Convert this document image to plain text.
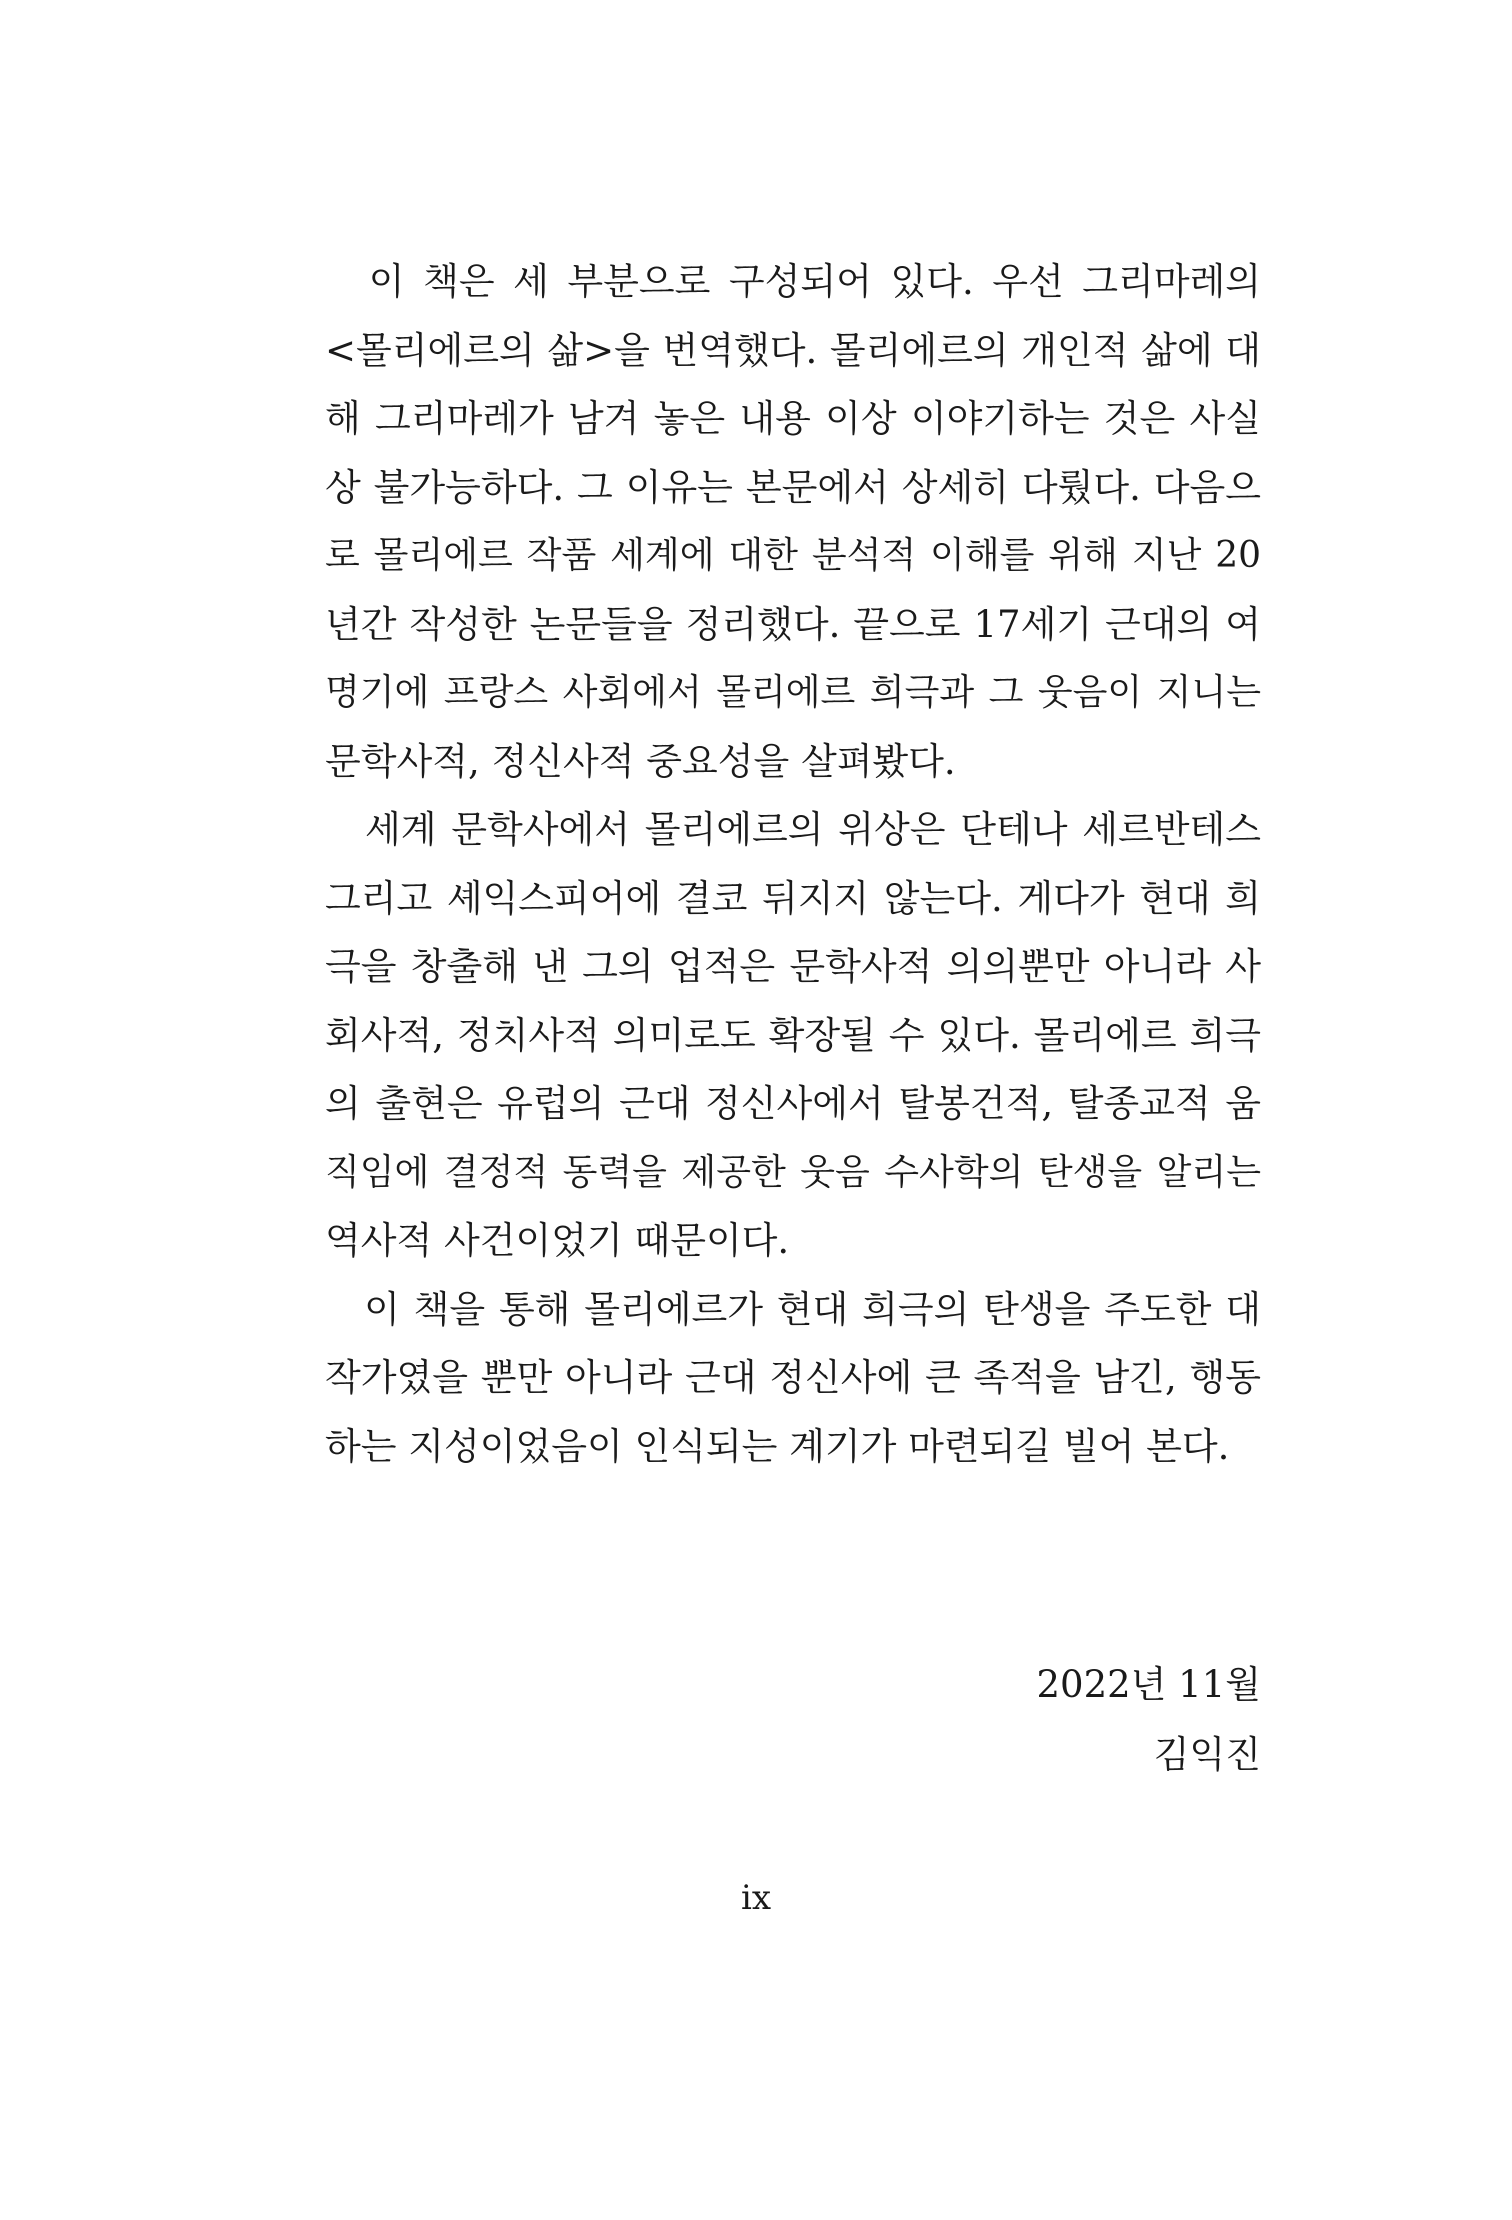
　이 책은 세 부분으로 구성되어 있다. 우선 그리마레의
<몰리에르의 삶>을 번역했다. 몰리에르의 개인적 삶에 대
해 그리마레가 남겨 놓은 내용 이상 이야기하는 것은 사실
상 불가능하다. 그 이유는 본문에서 상세히 다뤘다. 다음으
로 몰리에르 작품 세계에 대한 분석적 이해를 위해 지난 20
년간 작성한 논문들을 정리했다. 끝으로 17세기 근대의 여
명기에 프랑스 사회에서 몰리에르 희극과 그 웃음이 지니는
문학사적, 정신사적 중요성을 살펴봤다.
　세계 문학사에서 몰리에르의 위상은 단테나 세르반테스
그리고 셰익스피어에 결코 뒤지지 않는다. 게다가 현대 희
극을 창출해 낸 그의 업적은 문학사적 의의뿐만 아니라 사
회사적, 정치사적 의미로도 확장될 수 있다. 몰리에르 희극
의 출현은 유럽의 근대 정신사에서 탈봉건적, 탈종교적 움
직임에 결정적 동력을 제공한 웃음 수사학의 탄생을 알리는
역사적 사건이었기 때문이다.
　이 책을 통해 몰리에르가 현대 희극의 탄생을 주도한 대
작가였을 뿐만 아니라 근대 정신사에 큰 족적을 남긴, 행동
하는 지성이었음이 인식되는 계기가 마련되길 빌어 본다.
2022년 11월
김익진
ix
